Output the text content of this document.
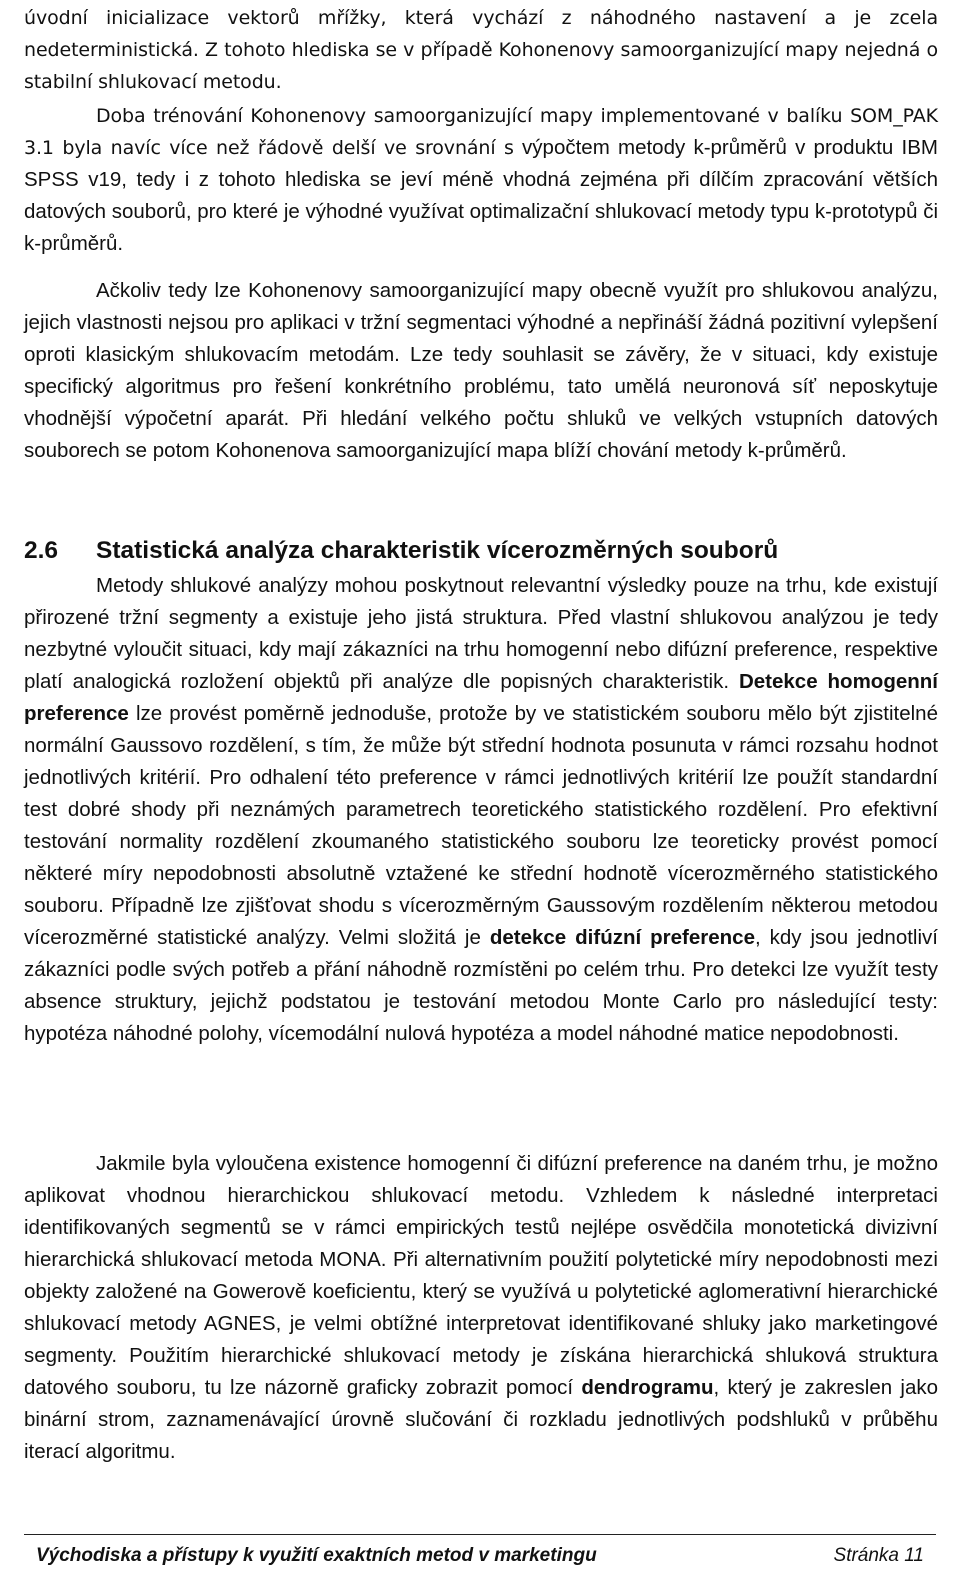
úvodní inicializace vektorů mřížky, která vychází z náhodného nastavení a je zcela nedeterministická. Z tohoto hlediska se v případě Kohonenovy samoorganizující mapy nejedná o stabilní shlukovací metodu.

Doba trénování Kohonenovy samoorganizující mapy implementované v balíku SOM_PAK 3.1 byla navíc více než řádově delší ve srovnání s výpočtem metody k-průměrů v produktu IBM SPSS v19, tedy i z tohoto hlediska se jeví méně vhodná zejména při dílčím zpracování větších datových souborů, pro které je výhodné využívat optimalizační shlukovací metody typu k-prototypů či k-průměrů.

Ačkoliv tedy lze Kohonenovy samoorganizující mapy obecně využít pro shlukovou analýzu, jejich vlastnosti nejsou pro aplikaci v tržní segmentaci výhodné a nepřináší žádná pozitivní vylepšení oproti klasickým shlukovacím metodám. Lze tedy souhlasit se závěry, že v situaci, kdy existuje specifický algoritmus pro řešení konkrétního problému, tato umělá neuronová síť neposkytuje vhodnější výpočetní aparát. Při hledání velkého počtu shluků ve velkých vstupních datových souborech se potom Kohonenova samoorganizující mapa blíží chování metody k-průměrů.

2.6 Statistická analýza charakteristik vícerozměrných souborů

Metody shlukové analýzy mohou poskytnout relevantní výsledky pouze na trhu, kde existují přirozené tržní segmenty a existuje jeho jistá struktura. Před vlastní shlukovou analýzou je tedy nezbytné vyloučit situaci, kdy mají zákazníci na trhu homogenní nebo difúzní preference, respektive platí analogická rozložení objektů při analýze dle popisných charakteristik. Detekce homogenní preference lze provést poměrně jednoduše, protože by ve statistickém souboru mělo být zjistitelné normální Gaussovo rozdělení, s tím, že může být střední hodnota posunuta v rámci rozsahu hodnot jednotlivých kritérií. Pro odhalení této preference v rámci jednotlivých kritérií lze použít standardní test dobré shody při neznámých parametrech teoretického statistického rozdělení. Pro efektivní testování normality rozdělení zkoumaného statistického souboru lze teoreticky provést pomocí některé míry nepodobnosti absolutně vztažené ke střední hodnotě vícerozměrného statistického souboru. Případně lze zjišťovat shodu s vícerozměrným Gaussovým rozdělením některou metodou vícerozměrné statistické analýzy. Velmi složitá je detekce difúzní preference, kdy jsou jednotliví zákazníci podle svých potřeb a přání náhodně rozmístěni po celém trhu. Pro detekci lze využít testy absence struktury, jejichž podstatou je testování metodou Monte Carlo pro následující testy: hypotéza náhodné polohy, vícemodální nulová hypotéza a model náhodné matice nepodobnosti.

Jakmile byla vyloučena existence homogenní či difúzní preference na daném trhu, je možno aplikovat vhodnou hierarchickou shlukovací metodu. Vzhledem k následné interpretaci identifikovaných segmentů se v rámci empirických testů nejlépe osvědčila monotetická divizivní hierarchická shlukovací metoda MONA. Při alternativním použití polytetické míry nepodobnosti mezi objekty založené na Gowerově koeficientu, který se využívá u polytetické aglomerativní hierarchické shlukovací metody AGNES, je velmi obtížné interpretovat identifikované shluky jako marketingové segmenty. Použitím hierarchické shlukovací metody je získána hierarchická shluková struktura datového souboru, tu lze názorně graficky zobrazit pomocí dendrogramu, který je zakreslen jako binární strom, zaznamenávající úrovně slučování či rozkladu jednotlivých podshluků v průběhu iterací algoritmu.

Východiska a přístupy k využití exaktních metod v marketingu	Stránka 11
